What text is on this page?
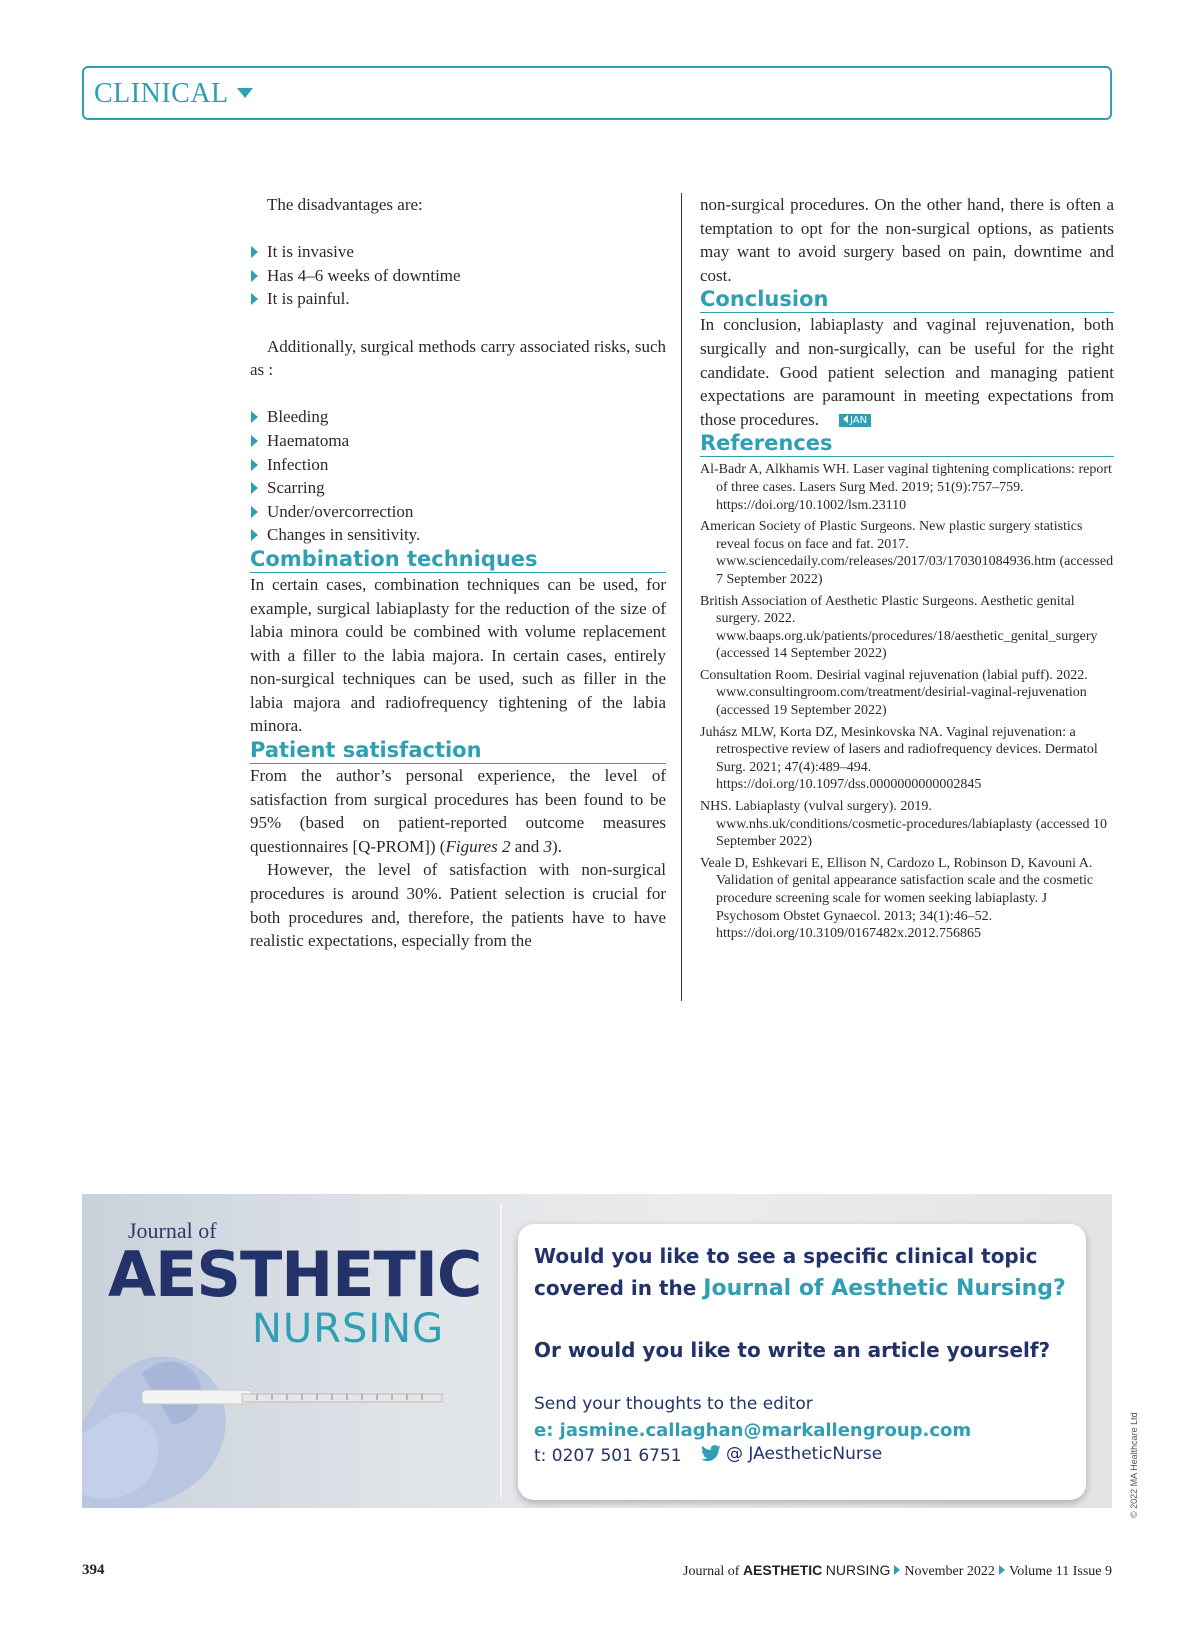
CLINICAL

The disadvantages are:

It is invasive
Has 4–6 weeks of downtime
It is painful.

Additionally, surgical methods carry associated risks, such as :

Bleeding
Haematoma
Infection
Scarring
Under/overcorrection
Changes in sensitivity.
Combination techniques

In certain cases, combination techniques can be used, for example, surgical labiaplasty for the reduction of the size of labia minora could be combined with volume replacement with a filler to the labia majora. In certain cases, entirely non-surgical techniques can be used, such as filler in the labia majora and radiofrequency tightening of the labia minora.

Patient satisfaction

From the author’s personal experience, the level of satisfaction from surgical procedures has been found to be 95% (based on patient-reported outcome measures questionnaires [Q-PROM]) (Figures 2 and 3).

However, the level of satisfaction with non-surgical procedures is around 30%. Patient selection is crucial for both procedures and, therefore, the patients have to have realistic expectations, especially from the

non-surgical procedures. On the other hand, there is often a temptation to opt for the non-surgical options, as patients may want to avoid surgery based on pain, downtime and cost.

Conclusion

In conclusion, labiaplasty and vaginal rejuvenation, both surgically and non-surgically, can be useful for the right candidate. Good patient selection and managing patient expectations are paramount in meeting expectations from those procedures.	JAN

References
Al-Badr A, Alkhamis WH. Laser vaginal tightening complications: report of three cases. Lasers Surg Med. 2019; 51(9):757–759. https://doi.org/10.1002/lsm.23110
American Society of Plastic Surgeons. New plastic surgery statistics reveal focus on face and fat. 2017. www.sciencedaily.com/releases/2017/03/170301084936.htm (accessed 7 September 2022)
British Association of Aesthetic Plastic Surgeons. Aesthetic genital surgery. 2022. www.baaps.org.uk/patients/procedures/18/aesthetic_genital_surgery (accessed 14 September 2022)
Consultation Room. Desirial vaginal rejuvenation (labial puff). 2022. www.consultingroom.com/treatment/desirial-vaginal-rejuvenation (accessed 19 September 2022)
Juhász MLW, Korta DZ, Mesinkovska NA. Vaginal rejuvenation: a retrospective review of lasers and radiofrequency devices. Dermatol Surg. 2021; 47(4):489–494. https://doi.org/10.1097/dss.0000000000002845
NHS. Labiaplasty (vulval surgery). 2019. www.nhs.uk/conditions/cosmetic-procedures/labiaplasty (accessed 10 September 2022)
Veale D, Eshkevari E, Ellison N, Cardozo L, Robinson D, Kavouni A. Validation of genital appearance satisfaction scale and the cosmetic procedure screening scale for women seeking labiaplasty. J Psychosom Obstet Gynaecol. 2013; 34(1):46–52. https://doi.org/10.3109/0167482x.2012.756865
Journal of
AESTHETIC
NURSING
Would you like to see a specific clinical topic covered in the Journal of Aesthetic Nursing?
Or would you like to write an article yourself?
Send your thoughts to the editor
e: jasmine.callaghan@markallengroup.com
t: 0207 501 6751	@ JAestheticNurse	© 2022 MA Healthcare Ltd
394	Journal of AESTHETIC NURSING November 2022 Volume 11 Issue 9
